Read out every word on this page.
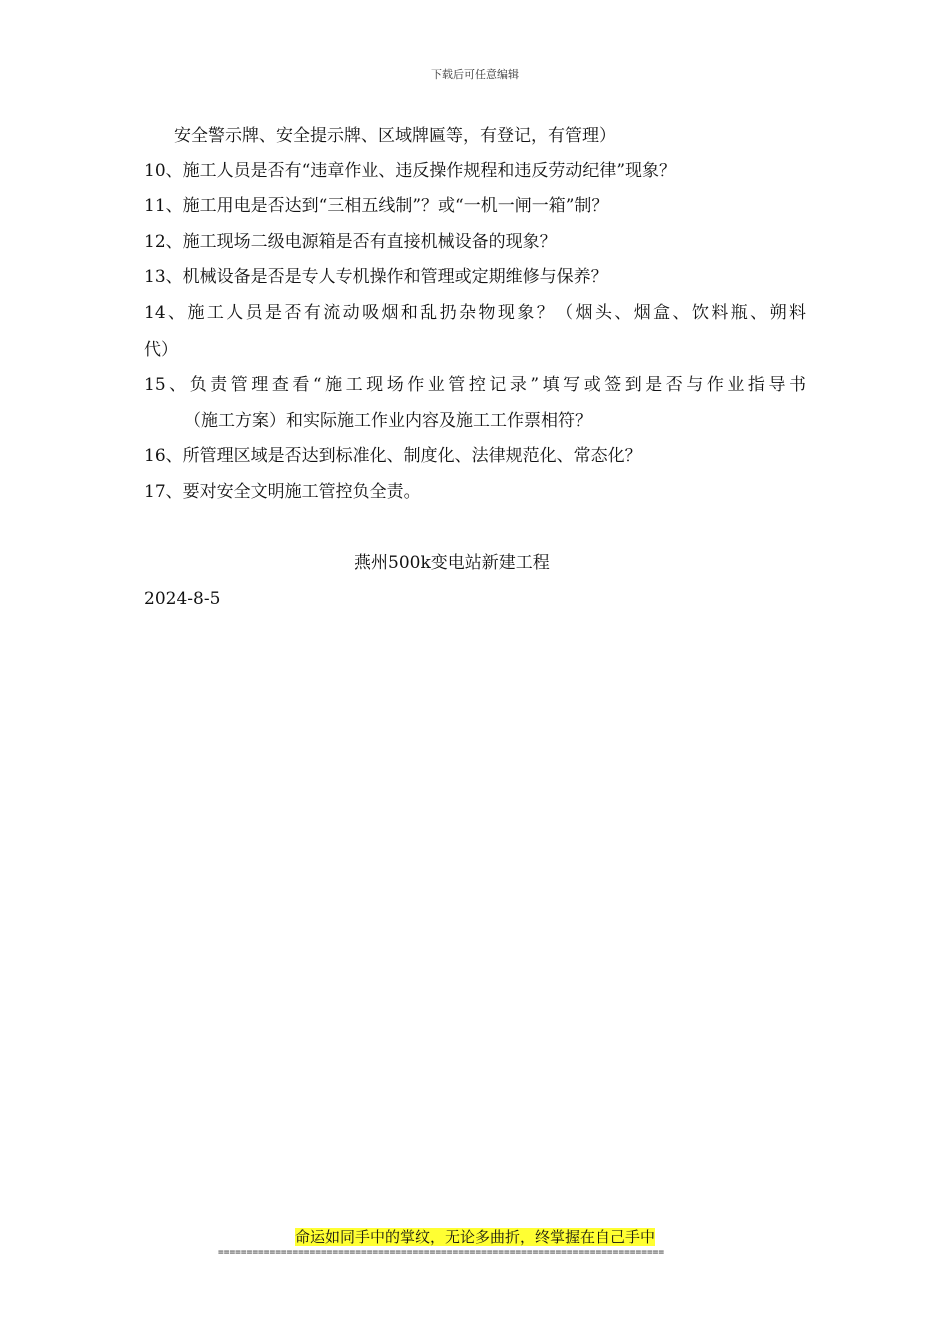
下载后可任意编辑
安全警示牌、安全提示牌、区域牌匾等，有登记，有管理）
10、施工人员是否有“违章作业、违反操作规程和违反劳动纪律”现象？
11、施工用电是否达到“三相五线制”？或“一机一闸一箱”制？
12、施工现场二级电源箱是否有直接机械设备的现象？
13、机械设备是否是专人专机操作和管理或定期维修与保养？
14、施工人员是否有流动吸烟和乱扔杂物现象？（烟头、烟盒、饮料瓶、朔料
代）
15、负责管理查看“施工现场作业管控记录”填写或签到是否与作业指导书
（施工方案）和实际施工作业内容及施工工作票相符？
16、所管理区域是否达到标准化、制度化、法律规范化、常态化？
17、要对安全文明施工管控负全责。
燕州500k变电站新建工程
2024-8-5
命运如同手中的掌纹，无论多曲折，终掌握在自己手中
==============================================================================
